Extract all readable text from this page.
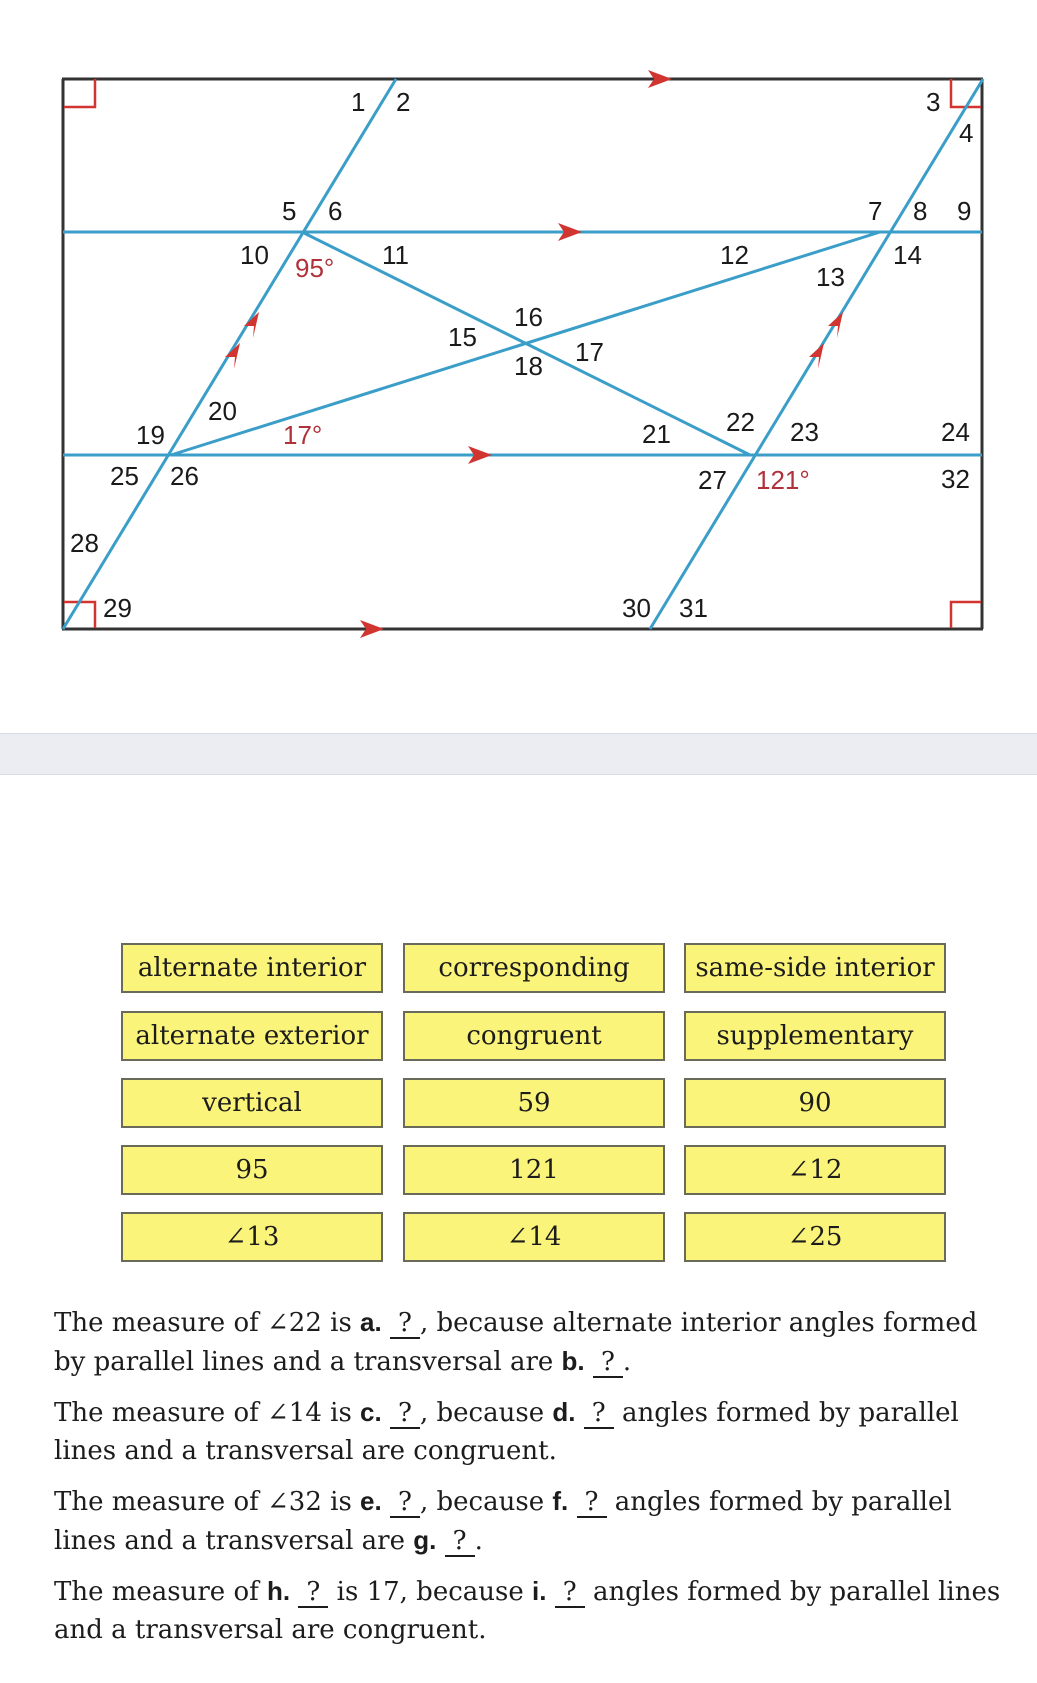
1 2	3
4
5 6	7 8 9
10	11	12
13
14
15
16
17
18
19
20
21 22 23	24
25 26	27
28
29	30 31
32
95°
17°
121°
alternate interior	corresponding	same-side interior
alternate exterior	congruent	supplementary
vertical	59	90
95	121	∠12
∠13	∠14	∠25

The measure of ∠22 is a. ? , because alternate interior angles formed by parallel lines and a transversal are b. ? .

The measure of ∠14 is c. ? , because d. ? angles formed by parallel lines and a transversal are congruent.

The measure of ∠32 is e. ? , because f. ? angles formed by parallel lines and a transversal are g. ? .

The measure of h. ? is 17, because i. ? angles formed by parallel lines and a transversal are congruent.
